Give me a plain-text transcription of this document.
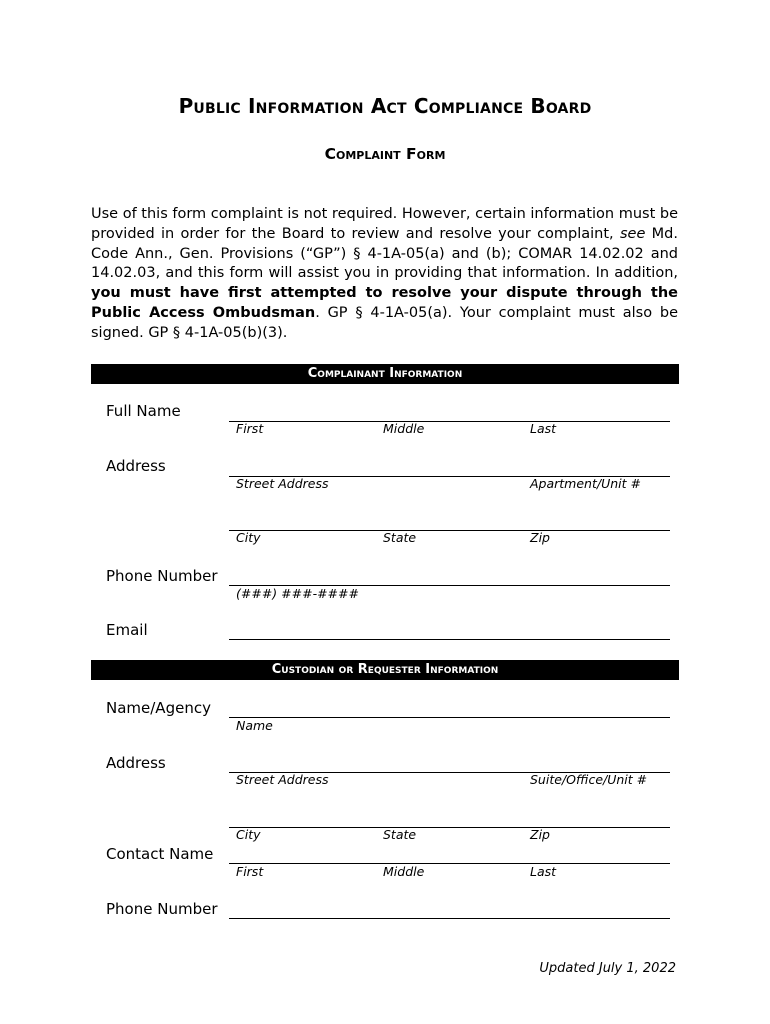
Public Information Act Compliance Board
Complaint Form
Use of this form complaint is not required. However, certain information must be provided in order for the Board to review and resolve your complaint, see Md. Code Ann., Gen. Provisions (“GP”) § 4-1A-05(a) and (b); COMAR 14.02.02 and 14.02.03, and this form will assist you in providing that information. In addition, you must have first attempted to resolve your dispute through the Public Access Ombudsman. GP § 4-1A-05(a). Your complaint must also be signed. GP § 4-1A-05(b)(3).
Complainant Information
Full Name
First	Middle	Last
Address
Street Address	Apartment/Unit #
City	State	Zip
Phone Number
(###) ###-####
Email
Custodian or Requester Information
Name/Agency
Name
Address
Street Address	Suite/Office/Unit #
City	State	Zip
Contact Name
First	Middle	Last
Phone Number
Updated July 1, 2022
